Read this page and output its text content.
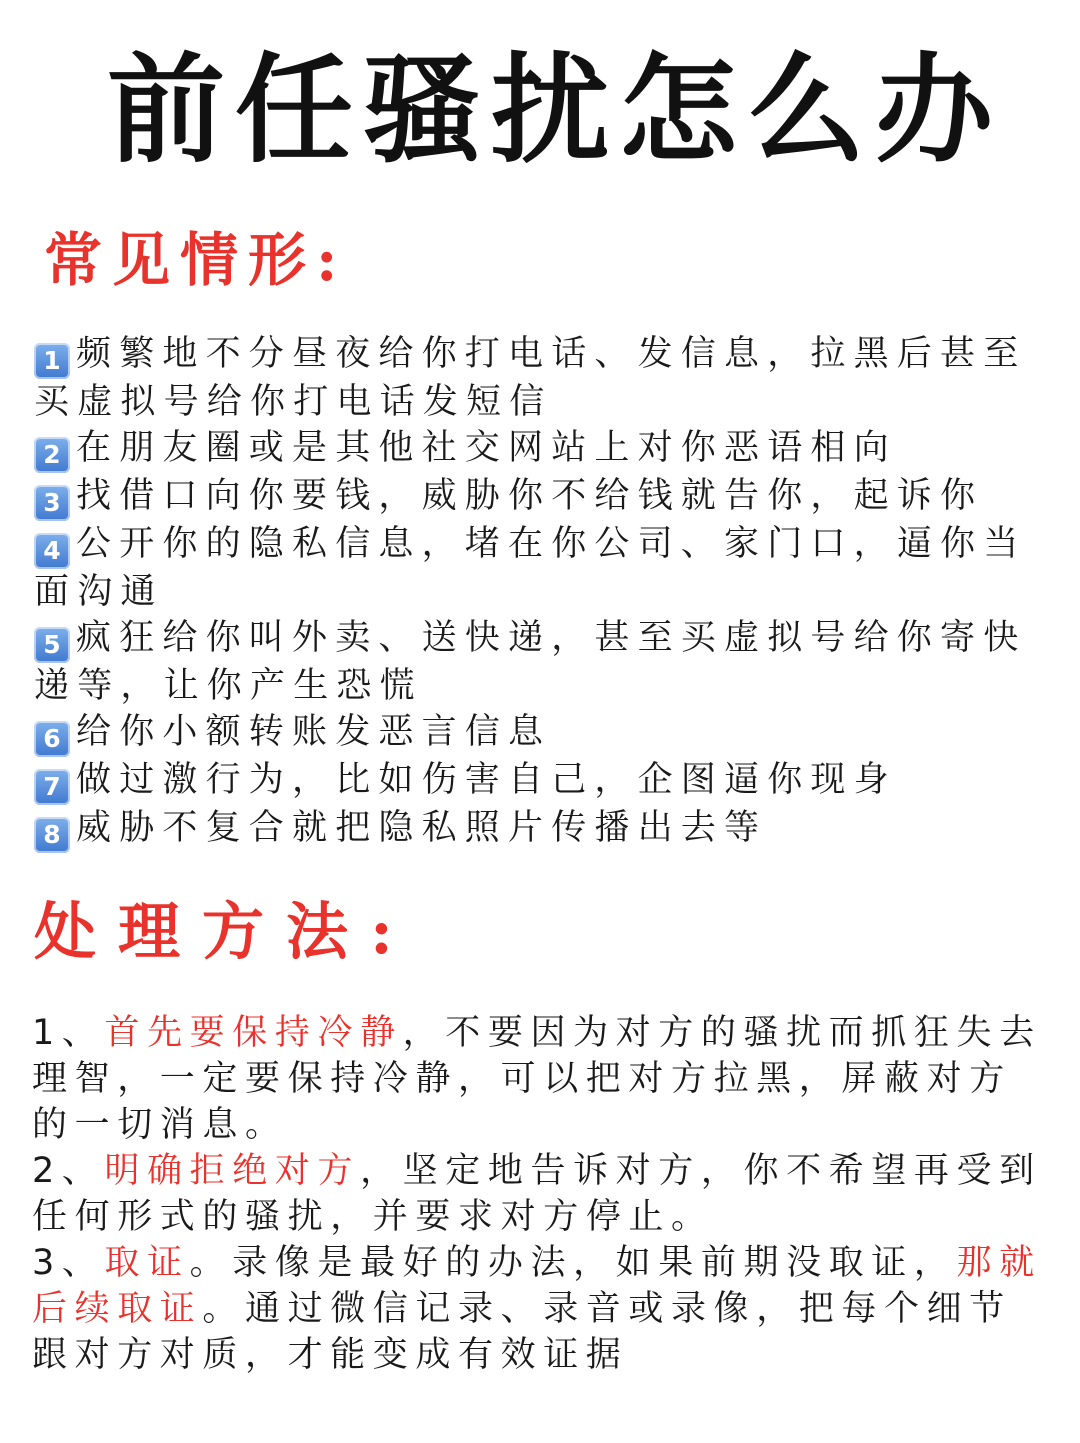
前任骚扰怎么办
常见情形:
1 频繁地不分昼夜给你打电话、发信息，拉黑后甚至买虚拟号给你打电话发短信
2 在朋友圈或是其他社交网站上对你恶语相向
3 找借口向你要钱，威胁你不给钱就告你，起诉你
4 公开你的隐私信息，堵在你公司、家门口，逼你当面沟通
5 疯狂给你叫外卖、送快递，甚至买虚拟号给你寄快递等，让你产生恐慌
6 给你小额转账发恶言信息
7 做过激行为，比如伤害自己，企图逼你现身
8 威胁不复合就把隐私照片传播出去等
处理方法:
1、首先要保持冷静，不要因为对方的骚扰而抓狂失去理智，一定要保持冷静，可以把对方拉黑，屏蔽对方的一切消息。
2、明确拒绝对方，坚定地告诉对方，你不希望再受到任何形式的骚扰，并要求对方停止。
3、取证。录像是最好的办法，如果前期没取证，那就后续取证。通过微信记录、录音或录像，把每个细节跟对方对质，才能变成有效证据
